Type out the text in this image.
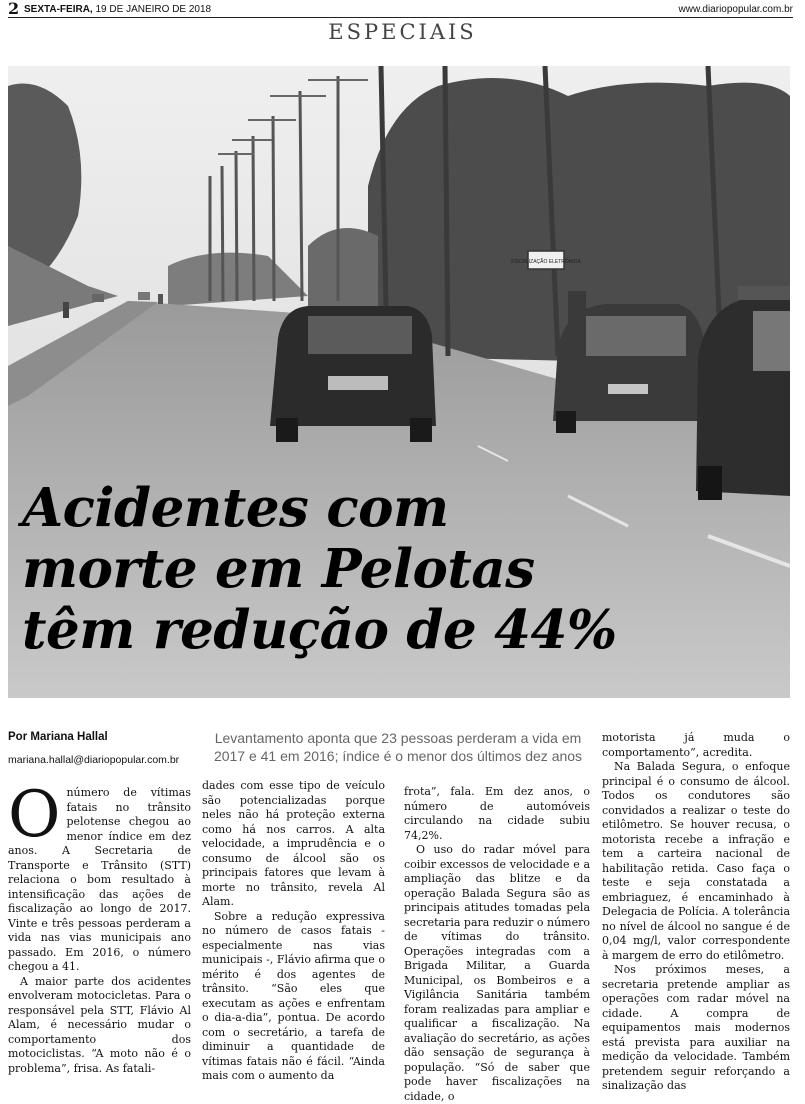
2 SEXTA-FEIRA, 19 DE JANEIRO DE 2018	www.diariopopular.com.br
ESPECIAIS
FISCALIZAÇÃO ELETRÔNICA
Acidentes com
morte em Pelotas
têm redução de 44%
Por Mariana Hallal
mariana.hallal@diariopopular.com.br

Levantamento aponta que 23 pessoas perderam a vida em 2017 e 41 em 2016; índice é o menor dos últimos dez anos

O número de vítimas fatais no trânsito pelotense chegou ao menor índice em dez anos. A Secretaria de Transporte e Trânsito (STT) relaciona o bom resultado à intensificação das ações de fiscalização ao longo de 2017. Vinte e três pessoas perderam a vida nas vias municipais ano passado. Em 2016, o número chegou a 41.

A maior parte dos acidentes envolveram motocicletas. Para o responsável pela STT, Flávio Al Alam, é necessário mudar o comportamento dos motociclistas. “A moto não é o problema”, frisa. As fatali-

dades com esse tipo de veículo são potencializadas porque neles não há proteção externa como há nos carros. A alta velocidade, a imprudência e o consumo de álcool são os principais fatores que levam à morte no trânsito, revela Al Alam.

Sobre a redução expressiva no número de casos fatais - especialmente nas vias municipais -, Flávio afirma que o mérito é dos agentes de trânsito. “São eles que executam as ações e enfrentam o dia-a-dia”, pontua. De acordo com o secretário, a tarefa de diminuir a quantidade de vítimas fatais não é fácil. “Ainda mais com o aumento da

frota”, fala. Em dez anos, o número de automóveis circulando na cidade subiu 74,2%.

O uso do radar móvel para coibir excessos de velocidade e a ampliação das blitze e da operação Balada Segura são as principais atitudes tomadas pela secretaria para reduzir o número de vítimas do trânsito. Operações integradas com a Brigada Militar, a Guarda Municipal, os Bombeiros e a Vigilância Sanitária também foram realizadas para ampliar e qualificar a fiscalização. Na avaliação do secretário, as ações dão sensação de segurança à população. “Só de saber que pode haver fiscalizações na cidade, o

motorista já muda o comportamento”, acredita.

Na Balada Segura, o enfoque principal é o consumo de álcool. Todos os condutores são convidados a realizar o teste do etilômetro. Se houver recusa, o motorista recebe a infração e tem a carteira nacional de habilitação retida. Caso faça o teste e seja constatada a embriaguez, é encaminhado à Delegacia de Polícia. A tolerância no nível de álcool no sangue é de 0,04 mg/l, valor correspondente à margem de erro do etilômetro.

Nos próximos meses, a secretaria pretende ampliar as operações com radar móvel na cidade. A compra de equipamentos mais modernos está prevista para auxiliar na medição da velocidade. Também pretendem seguir reforçando a sinalização das
